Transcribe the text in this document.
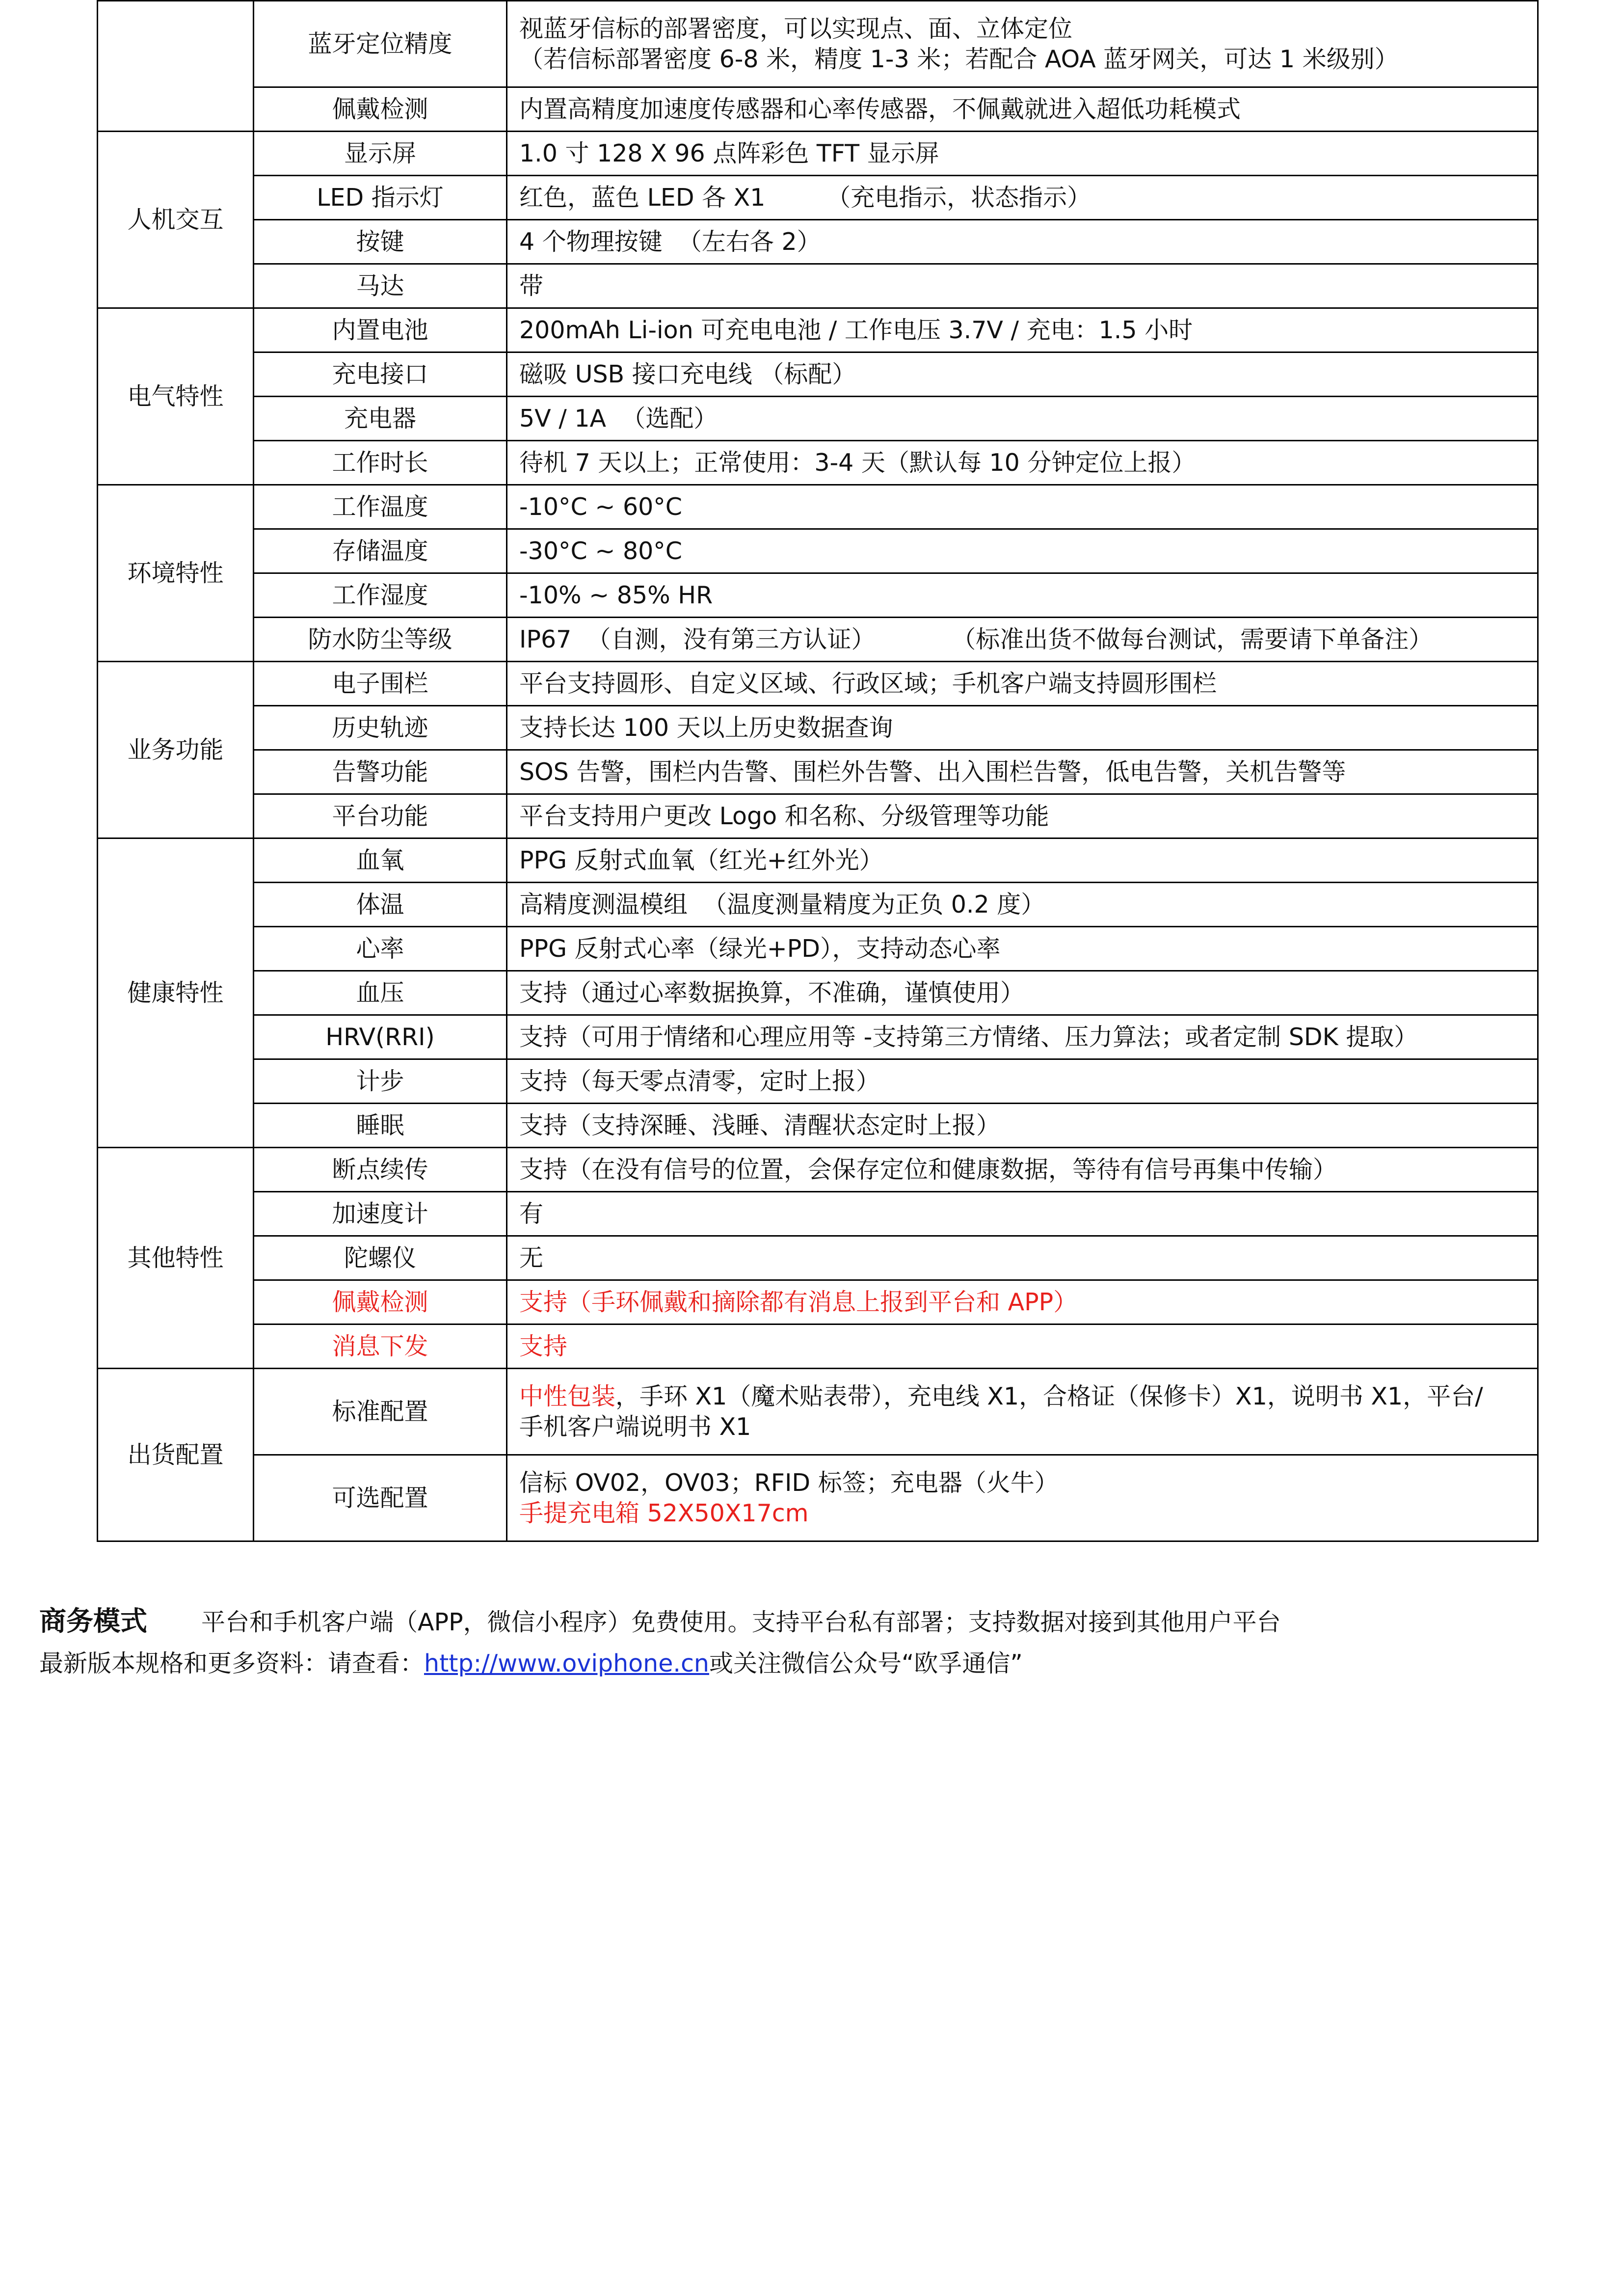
	蓝牙定位精度	视蓝牙信标的部署密度，可以实现点、面、立体定位
（若信标部署密度 6-8 米，精度 1-3 米；若配合 AOA 蓝牙网关，可达 1 米级别）

	佩戴检测	内置高精度加速度传感器和心率传感器，不佩戴就进入超低功耗模式
人机交互	显示屏	1.0 寸 128 X 96 点阵彩色 TFT 显示屏
	LED 指示灯	红色，蓝色 LED 各 X1        （充电指示，状态指示）
	按键	4 个物理按键  （左右各 2）
	马达	带
电气特性	内置电池	200mAh Li-ion 可充电电池 / 工作电压 3.7V / 充电：1.5 小时
	充电接口	磁吸 USB 接口充电线 （标配）
	充电器	5V / 1A  （选配）
	工作时长	待机 7 天以上；正常使用：3-4 天（默认每 10 分钟定位上报）
环境特性	工作温度	-10°C ~ 60°C
	存储温度	-30°C ~ 80°C
	工作湿度	-10% ~ 85% HR
	防水防尘等级	IP67  （自测，没有第三方认证）          （标准出货不做每台测试，需要请下单备注）
业务功能	电子围栏	平台支持圆形、自定义区域、行政区域；手机客户端支持圆形围栏
	历史轨迹	支持长达 100 天以上历史数据查询
	告警功能	SOS 告警，围栏内告警、围栏外告警、出入围栏告警，低电告警，关机告警等
	平台功能	平台支持用户更改 Logo 和名称、分级管理等功能
健康特性	血氧	PPG 反射式血氧（红光+红外光）
	体温	高精度测温模组  （温度测量精度为正负 0.2 度）
	心率	PPG 反射式心率（绿光+PD），支持动态心率
	血压	支持（通过心率数据换算，不准确，谨慎使用）
	HRV(RRI)	支持（可用于情绪和心理应用等 -支持第三方情绪、压力算法；或者定制 SDK 提取）
	计步	支持（每天零点清零，定时上报）
	睡眠	支持（支持深睡、浅睡、清醒状态定时上报）
其他特性	断点续传	支持（在没有信号的位置，会保存定位和健康数据，等待有信号再集中传输）
	加速度计	有
	陀螺仪	无
	佩戴检测	支持（手环佩戴和摘除都有消息上报到平台和 APP）
	消息下发	支持
出货配置	标准配置	中性包装，手环 X1（魔术贴表带），充电线 X1，合格证（保修卡）X1，说明书 X1，平台/
手机客户端说明书 X1

	可选配置	信标 OV02，OV03；RFID 标签；充电器（火牛）
手提充电箱 52X50X17cm
商务模式 平台和手机客户端（APP，微信小程序）免费使用。支持平台私有部署；支持数据对接到其他用户平台
最新版本规格和更多资料：请查看：http://www.oviphone.cn或关注微信公众号“欧孚通信”
